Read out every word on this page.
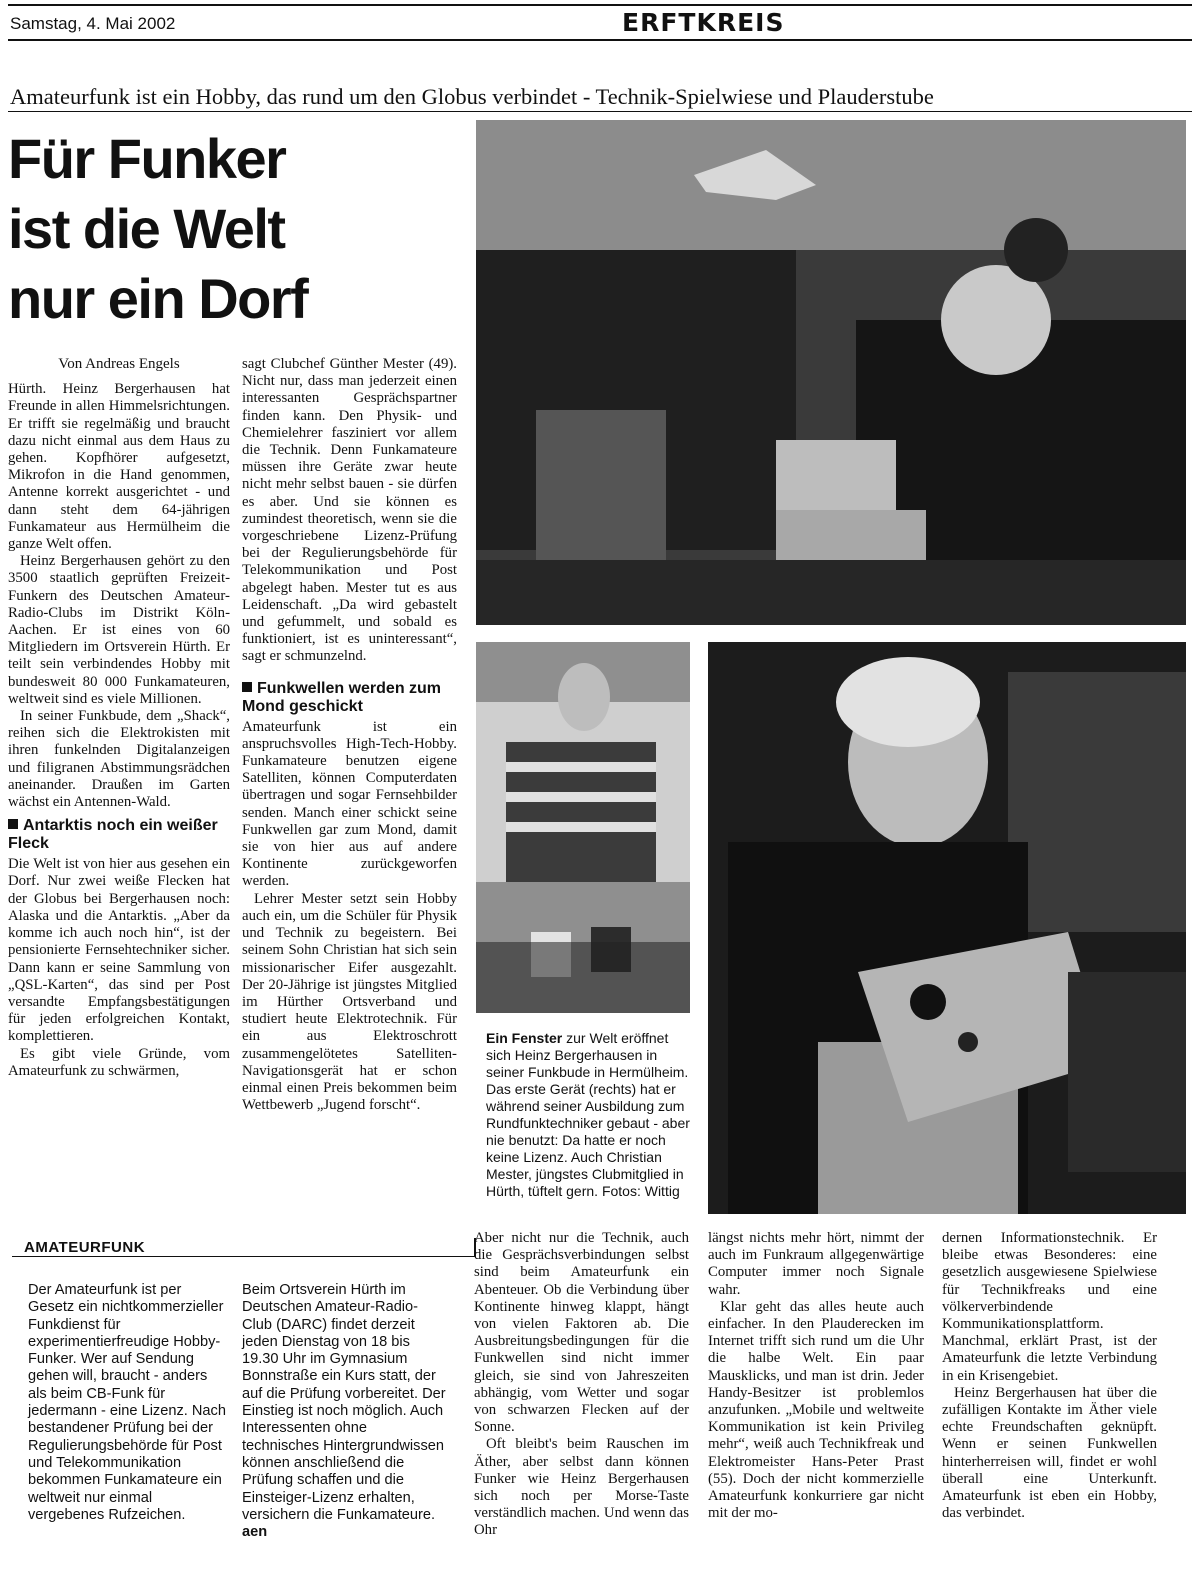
Samstag, 4. Mai 2002	ERFTKREIS
Amateurfunk ist ein Hobby, das rund um den Globus verbindet - Technik-Spielwiese und Plauderstube
Für Funker
ist die Welt
nur ein Dorf
Von Andreas Engels

Hürth. Heinz Bergerhausen hat Freunde in allen Himmelsrichtungen. Er trifft sie regelmäßig und braucht dazu nicht einmal aus dem Haus zu gehen. Kopfhörer aufgesetzt, Mikrofon in die Hand genommen, Antenne korrekt ausgerichtet - und dann steht dem 64-jährigen Funkamateur aus Hermülheim die ganze Welt offen.

Heinz Bergerhausen gehört zu den 3500 staatlich geprüften Freizeit-Funkern des Deutschen Amateur-Radio-Clubs im Distrikt Köln-Aachen. Er ist eines von 60 Mitgliedern im Ortsverein Hürth. Er teilt sein verbindendes Hobby mit bundesweit 80 000 Funkamateuren, weltweit sind es viele Millionen.

In seiner Funkbude, dem „Shack“, reihen sich die Elektrokisten mit ihren funkelnden Digitalanzeigen und filigranen Abstimmungsrädchen aneinander. Draußen im Garten wächst ein Antennen-Wald.

Antarktis noch ein weißer Fleck

Die Welt ist von hier aus gesehen ein Dorf. Nur zwei weiße Flecken hat der Globus bei Bergerhausen noch: Alaska und die Antarktis. „Aber da komme ich auch noch hin“, ist der pensionierte Fernsehtechniker sicher. Dann kann er seine Sammlung von „QSL-Karten“, das sind per Post versandte Empfangsbestätigungen für jeden erfolgreichen Kontakt, komplettieren.

Es gibt viele Gründe, vom Amateurfunk zu schwärmen,

sagt Clubchef Günther Mester (49). Nicht nur, dass man jederzeit einen interessanten Gesprächspartner finden kann. Den Physik- und Chemielehrer fasziniert vor allem die Technik. Denn Funkamateure müssen ihre Geräte zwar heute nicht mehr selbst bauen - sie dürfen es aber. Und sie können es zumindest theoretisch, wenn sie die vorgeschriebene Lizenz-Prüfung bei der Regulierungsbehörde für Telekommunikation und Post abgelegt haben. Mester tut es aus Leidenschaft. „Da wird gebastelt und gefummelt, und sobald es funktioniert, ist es uninteressant“, sagt er schmunzelnd.

Funkwellen werden zum Mond geschickt

Amateurfunk ist ein anspruchsvolles High-Tech-Hobby. Funkamateure benutzen eigene Satelliten, können Computerdaten übertragen und sogar Fernsehbilder senden. Manch einer schickt seine Funkwellen gar zum Mond, damit sie von hier aus auf andere Kontinente zurückgeworfen werden.

Lehrer Mester setzt sein Hobby auch ein, um die Schüler für Physik und Technik zu begeistern. Bei seinem Sohn Christian hat sich sein missionarischer Eifer ausgezahlt. Der 20-Jährige ist jüngstes Mitglied im Hürther Ortsverband und studiert heute Elektrotechnik. Für ein aus Elektroschrott zusammengelötetes Satelliten-Navigationsgerät hat er schon einmal einen Preis bekommen beim Wettbewerb „Jugend forscht“.

Ein Fenster zur Welt eröffnet sich Heinz Bergerhausen in seiner Funkbude in Hermülheim. Das erste Gerät (rechts) hat er während seiner Ausbildung zum Rundfunktechniker gebaut - aber nie benutzt: Da hatte er noch keine Lizenz. Auch Christian Mester, jüngstes Clubmitglied in Hürth, tüftelt gern. Fotos: Wittig
AMATEURFUNK

Der Amateurfunk ist per Gesetz ein nichtkommerzieller Funkdienst für experimentierfreudige Hobby-Funker. Wer auf Sendung gehen will, braucht - anders als beim CB-Funk für jedermann - eine Lizenz. Nach bestandener Prüfung bei der Regulierungsbehörde für Post und Telekommunikation bekommen Funkamateure ein weltweit nur einmal vergebenes Rufzeichen.

Beim Ortsverein Hürth im Deutschen Amateur-Radio-Club (DARC) findet derzeit jeden Dienstag von 18 bis 19.30 Uhr im Gymnasium Bonnstraße ein Kurs statt, der auf die Prüfung vorbereitet. Der Einstieg ist noch möglich. Auch Interessenten ohne technisches Hintergrundwissen können anschließend die Prüfung schaffen und die Einsteiger-Lizenz erhalten, versichern die Funkamateure. aen

Aber nicht nur die Technik, auch die Gesprächsverbindungen selbst sind beim Amateurfunk ein Abenteuer. Ob die Verbindung über Kontinente hinweg klappt, hängt von vielen Faktoren ab. Die Ausbreitungsbedingungen für die Funkwellen sind nicht immer gleich, sie sind von Jahreszeiten abhängig, vom Wetter und sogar von schwarzen Flecken auf der Sonne.

Oft bleibt's beim Rauschen im Äther, aber selbst dann können Funker wie Heinz Bergerhausen sich noch per Morse-Taste verständlich machen. Und wenn das Ohr

längst nichts mehr hört, nimmt der auch im Funkraum allgegenwärtige Computer immer noch Signale wahr.

Klar geht das alles heute auch einfacher. In den Plauderecken im Internet trifft sich rund um die Uhr die halbe Welt. Ein paar Mausklicks, und man ist drin. Jeder Handy-Besitzer ist problemlos anzufunken. „Mobile und weltweite Kommunikation ist kein Privileg mehr“, weiß auch Technikfreak und Elektromeister Hans-Peter Prast (55). Doch der nicht kommerzielle Amateurfunk konkurriere gar nicht mit der mo-

dernen Informationstechnik. Er bleibe etwas Besonderes: eine gesetzlich ausgewiesene Spielwiese für Technikfreaks und eine völkerverbindende Kommunikationsplattform. Manchmal, erklärt Prast, ist der Amateurfunk die letzte Verbindung in ein Krisengebiet.

Heinz Bergerhausen hat über die zufälligen Kontakte im Äther viele echte Freundschaften geknüpft. Wenn er seinen Funkwellen hinterherreisen will, findet er wohl überall eine Unterkunft. Amateurfunk ist eben ein Hobby, das verbindet.
